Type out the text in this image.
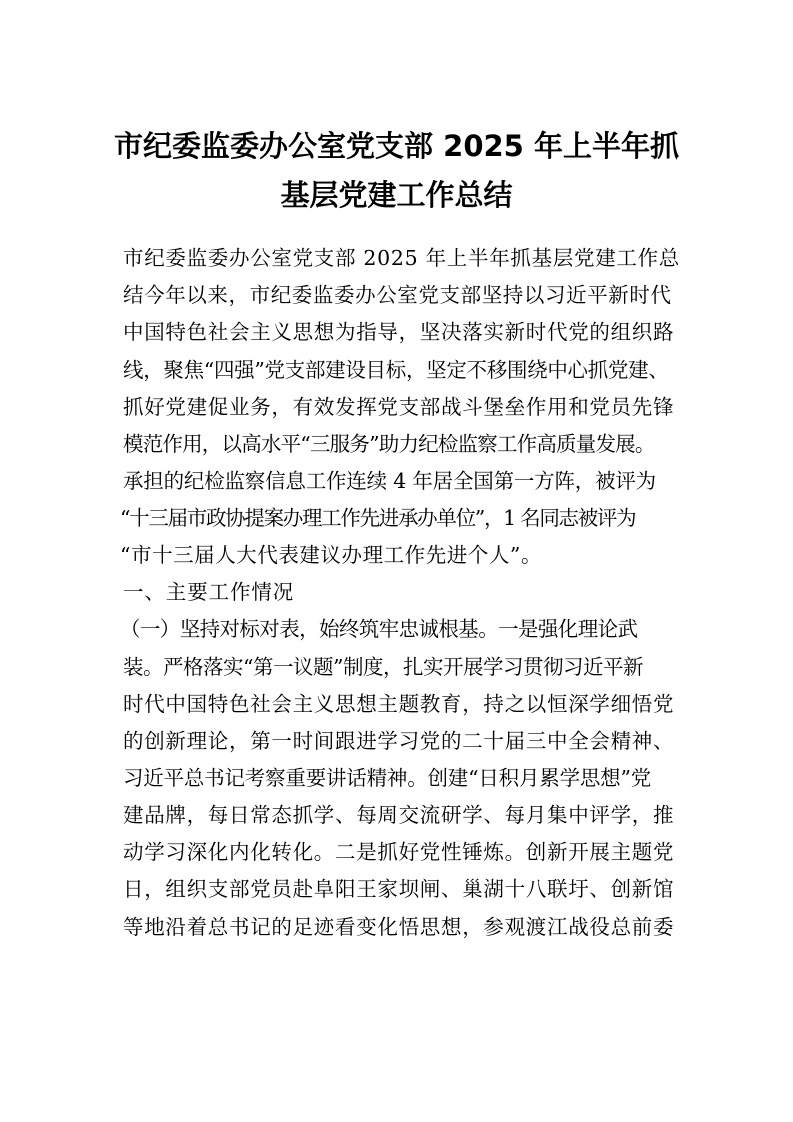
市纪委监委办公室党支部 2025 年上半年抓
基层党建工作总结

市纪委监委办公室党支部 2025 年上半年抓基层党建工作总

结今年以来，市纪委监委办公室党支部坚持以习近平新时代

中国特色社会主义思想为指导，坚决落实新时代党的组织路

线，聚焦“四强”党支部建设目标，坚定不移围绕中心抓党建、

抓好党建促业务，有效发挥党支部战斗堡垒作用和党员先锋

模范作用，以高水平“三服务”助力纪检监察工作高质量发展。

承担的纪检监察信息工作连续 4 年居全国第一方阵，被评为

“十三届市政协提案办理工作先进承办单位”，1 名同志被评为

“市十三届人大代表建议办理工作先进个人”。

一、主要工作情况

（一）坚持对标对表，始终筑牢忠诚根基。一是强化理论武

装。严格落实“第一议题”制度，扎实开展学习贯彻习近平新

时代中国特色社会主义思想主题教育，持之以恒深学细悟党

的创新理论，第一时间跟进学习党的二十届三中全会精神、

习近平总书记考察重要讲话精神。创建“日积月累学思想”党

建品牌，每日常态抓学、每周交流研学、每月集中评学，推

动学习深化内化转化。二是抓好党性锤炼。创新开展主题党

日，组织支部党员赴阜阳王家坝闸、巢湖十八联圩、创新馆

等地沿着总书记的足迹看变化悟思想，参观渡江战役总前委
